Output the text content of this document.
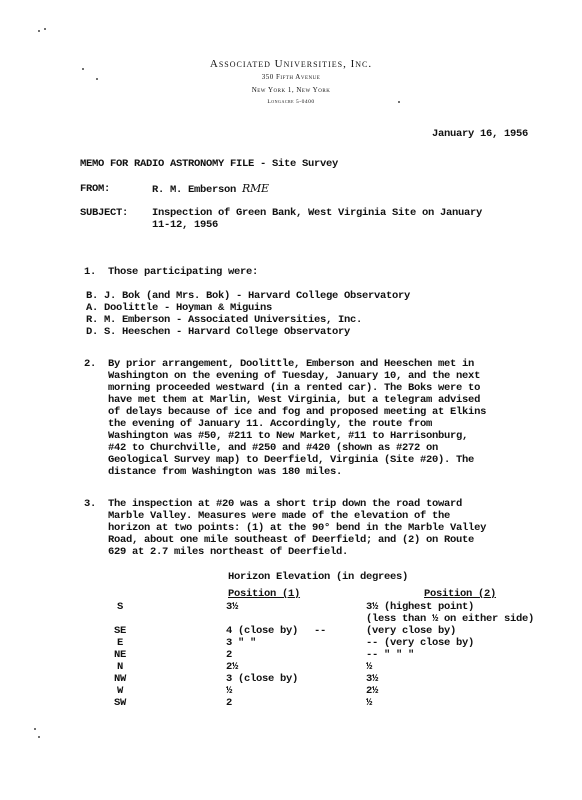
Associated Universities, Inc.
350 Fifth Avenue
New York 1, New York
Longacre 5-0400
January 16, 1956
MEMO FOR RADIO ASTRONOMY FILE - Site Survey
FROM:	R. M. Emberson RME
SUBJECT: Inspection of Green Bank, West Virginia Site on January
11-12, 1956
1. Those participating were:
B. J. Bok (and Mrs. Bok) - Harvard College Observatory
A. Doolittle - Hoyman & Miguins
R. M. Emberson - Associated Universities, Inc.
D. S. Heeschen - Harvard College Observatory
2. By prior arrangement, Doolittle, Emberson and Heeschen met in
Washington on the evening of Tuesday, January 10, and the next
morning proceeded westward (in a rented car). The Boks were to
have met them at Marlin, West Virginia, but a telegram advised
of delays because of ice and fog and proposed meeting at Elkins
the evening of January 11. Accordingly, the route from
Washington was #50, #211 to New Market, #11 to Harrisonburg,
#42 to Churchville, and #250 and #420 (shown as #272 on
Geological Survey map) to Deerfield, Virginia (Site #20). The
distance from Washington was 180 miles.
3. The inspection at #20 was a short trip down the road toward
Marble Valley. Measures were made of the elevation of the
horizon at two points: (1) at the 90° bend in the Marble Valley
Road, about one mile southeast of Deerfield; and (2) on Route
629 at 2.7 miles northeast of Deerfield.
Horizon Elevation (in degrees)
Position (1)	Position (2)
S	3½	3½ (highest point)
(less than ½ on either side)
SE	4 (close by) --	(very close by)
E	3 " "	-- (very close by)
NE	2	-- " " "
N	2½	½
NW	3 (close by)	3½
W	½	2½
SW	2	½
